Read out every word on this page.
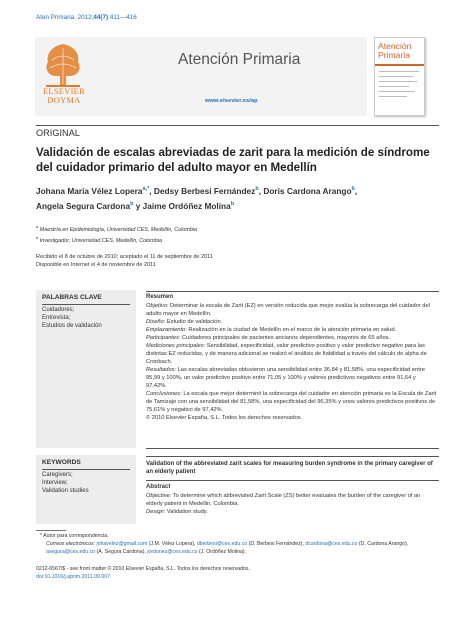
Aten Primaria. 2012;44(7):411—416
ELSEVIER
DOYMA
Atención Primaria
www.elsevier.es/ap
Atención
Primaria
ORIGINAL
Validación de escalas abreviadas de zarit para la medición de síndrome del cuidador primario del adulto mayor en Medellín
Johana María Vélez Lopera$^{a,*}$, Dedsy Berbesi Fernández$^b$, Doris Cardona Arango$^b$,
Angela Segura Cardona$^b$ y Jaime Ordóñez Molina$^b$
$^a$ Maestría en Epidemiología, Universidad CES, Medellín, Colombia
$^b$ Investigador, Universidad CES, Medellín, Colombia
Recibido el 8 de octubre de 2010; aceptado el 11 de septiembre de 2011
Disponible en Internet el 4 de noviembre de 2011
PALABRAS CLAVE
Cuidadores;
Entrevista;
Estudios de validación
Resumen

Objetivo: Determinar la escala de Zarit (EZ) en versión reducida que mejor evalúa la sobrecarga del cuidador del adulto mayor en Medellín.

Diseño: Estudio de validación.

Emplazamiento: Realización en la ciudad de Medellín en el marco de la atención primaria en salud.

Participantes: Cuidadores principales de pacientes ancianos dependientes, mayores de 65 años.

Mediciones principales: Sensibilidad, especificidad, valor predictivo positivo y valor predictivo negativo para las distintas EZ reducidas, y de manera adicional se realizó el análisis de fiabilidad a través del cálculo de alpha de Cronbach.

Resultados: Las escalas abreviadas obtuvieron una sensibilidad entre 36,84 y 81,58%, una especificidad entre 95,99 y 100%, un valor predictivo positivo entre 71,05 y 100% y valores predictivos negativos entre 91,64 y 97,42%.

Conclusiones: La escala que mejor determinó la sobrecarga del cuidador en atención primaria es la Escala de Zarit de Tamizaje con una sensibilidad del 81,58%, una especificidad del 96,35% y unos valores predictivos positivos de 75,61% y negativo de 97,42%.

© 2010 Elsevier España, S.L. Todos los derechos reservados.

KEYWORDS
Caregivers;
Interview;
Validation studies
Validation of the abbreviated zarit scales for measuring burden syndrome in the primary caregiver of an elderly patient
Abstract

Objective: To determine which abbreviated Zarit Scale (ZS) better evaluates the burden of the caregiver of an elderly patient in Medellin, Colombia.

Design: Validation study.

* Autor para correspondencia.
Correos electrónicos: johavelez@gmail.com (J.M. Vélez Lopera), dberbesi@ces.edu.co (D. Berbesi Fernández), dcardona@ces.edu.co (D. Cardona Arango), asegura@ces.edu.co (A. Segura Cardona), jordonez@ces.edu.co (J. Ordóñez Molina).
0212-6567/$ - see front matter © 2010 Elsevier España, S.L. Todos los derechos reservados.
doi:10.1016/j.aprim.2011.09.007
